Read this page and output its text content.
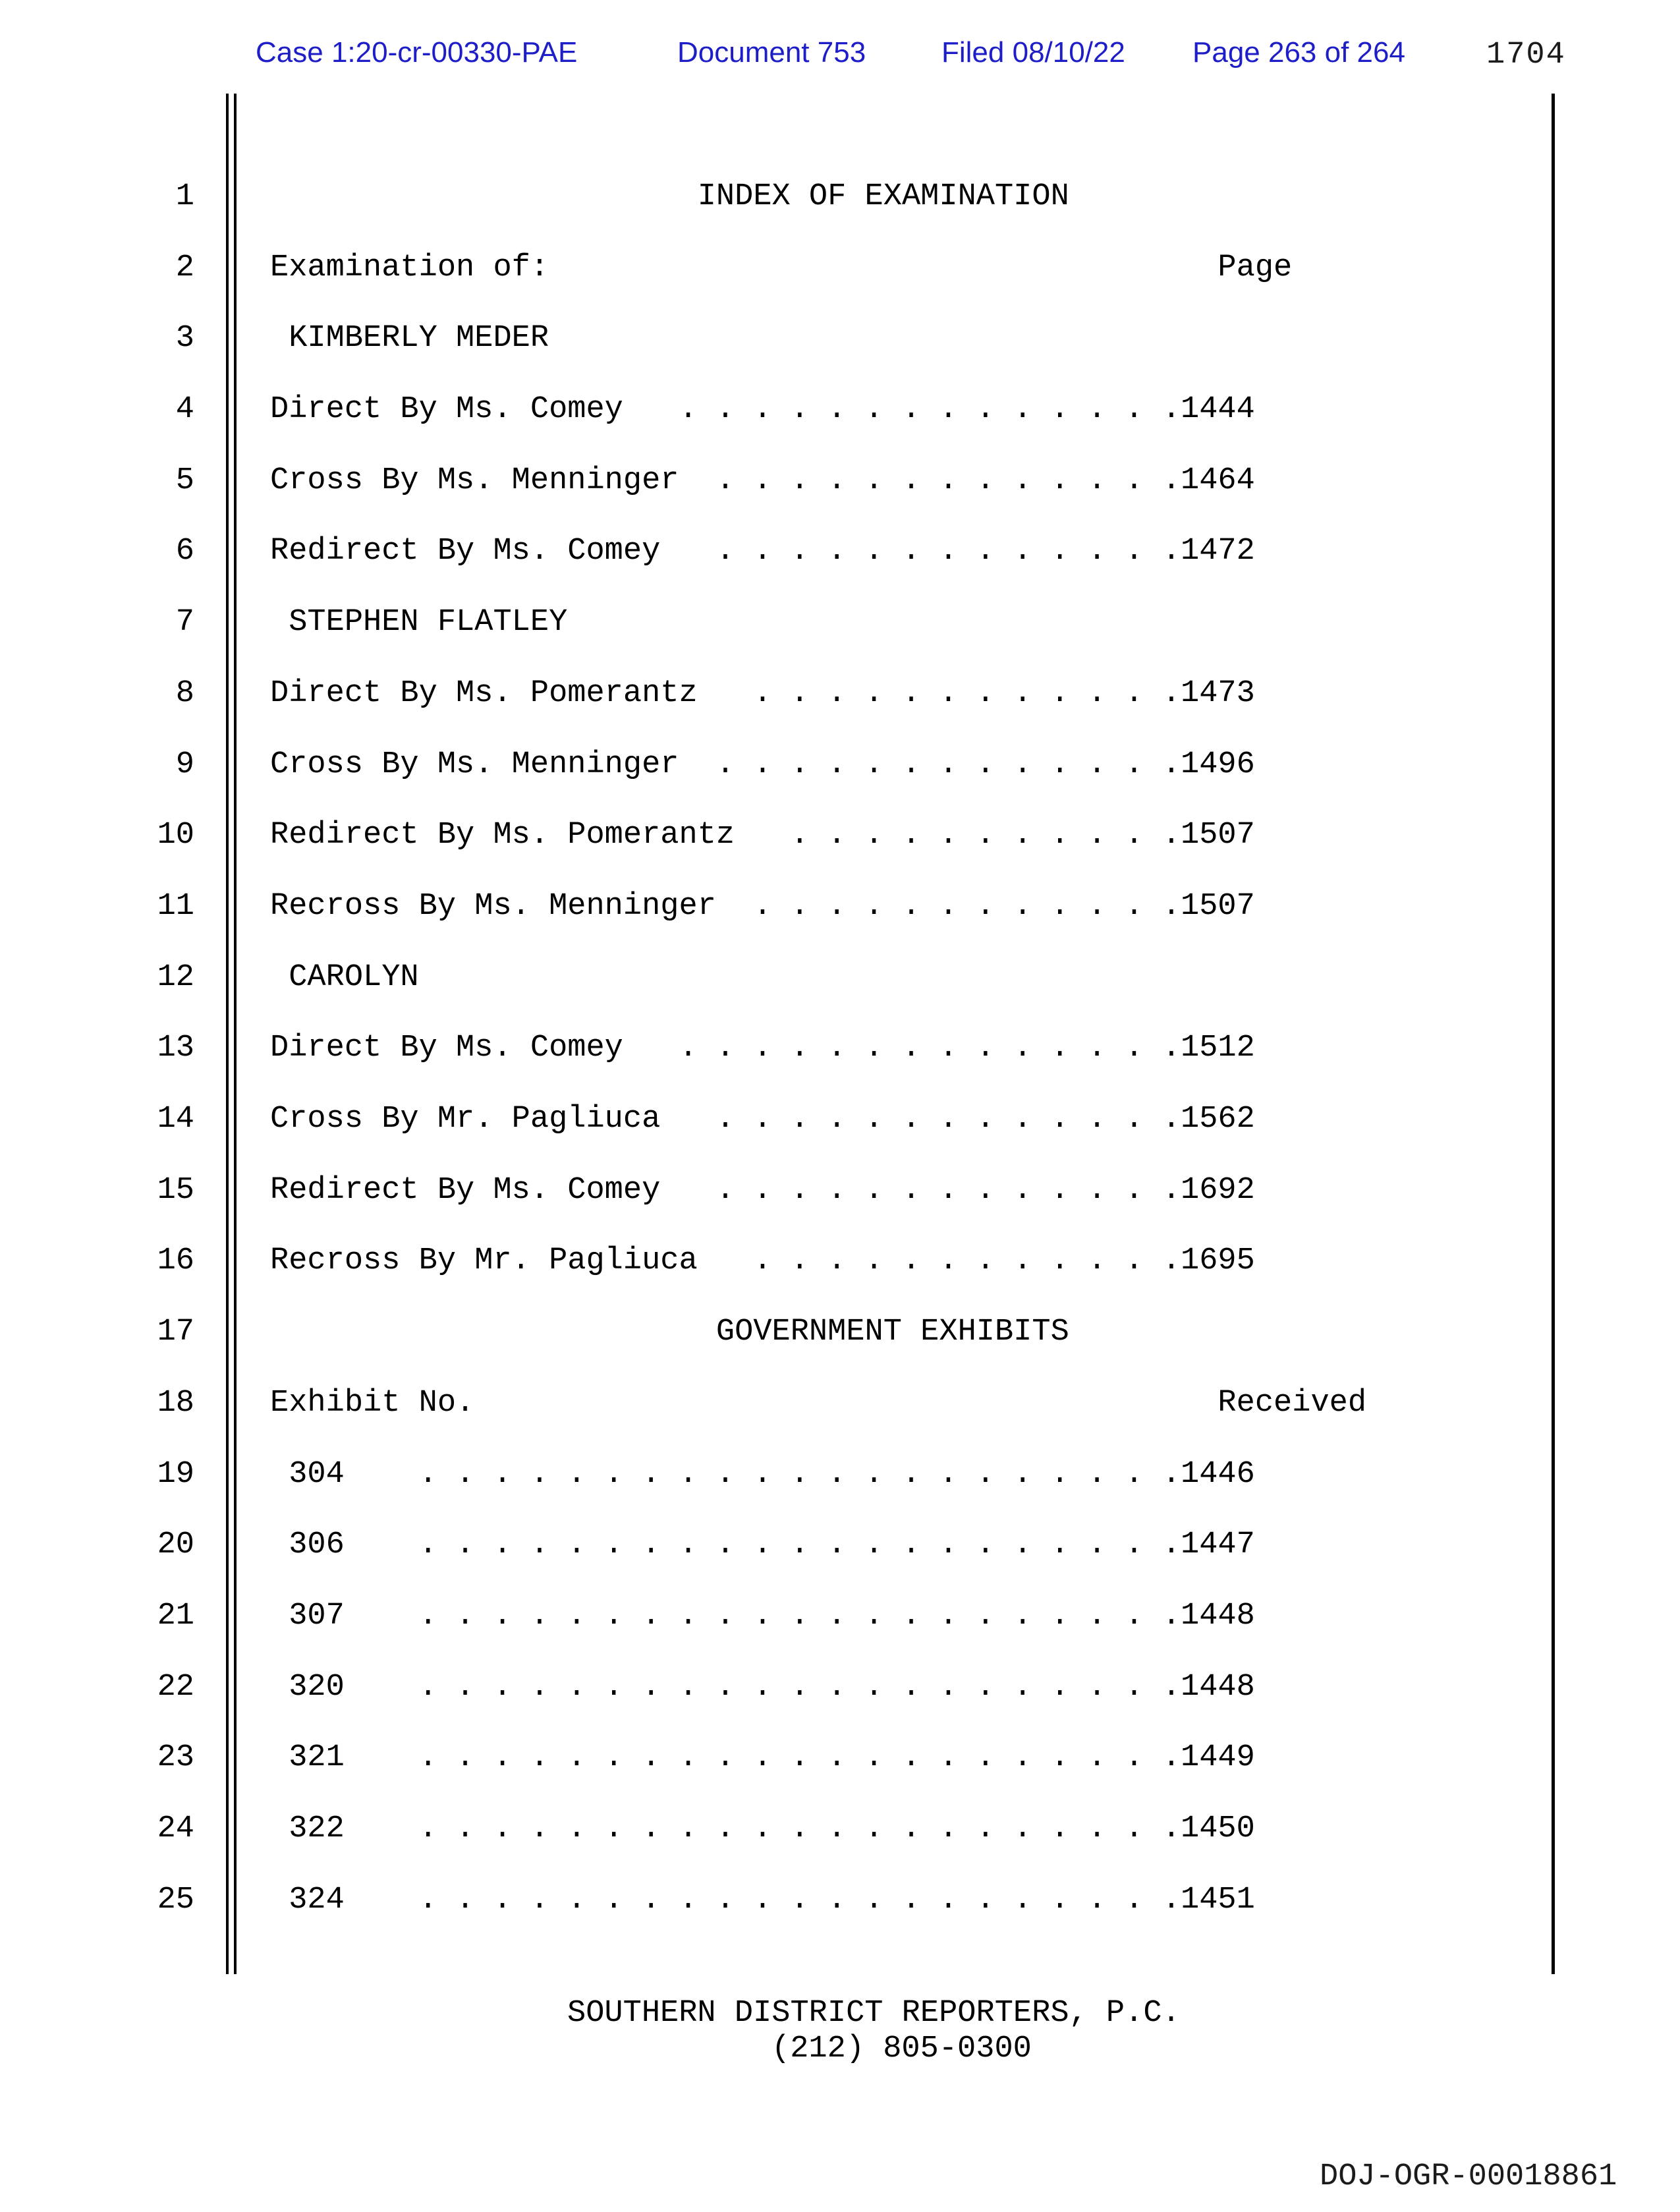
Case 1:20-cr-00330-PAE	Document 753	Filed 08/10/22 Page 263 of 264	1704
1 INDEX OF EXAMINATION
2 Examination of:                                    Page
3 KIMBERLY MEDER
4 Direct By Ms. Comey   . . . . . . . . . . . . . .1444
5 Cross By Ms. Menninger  . . . . . . . . . . . . .1464
6 Redirect By Ms. Comey   . . . . . . . . . . . . .1472
7 STEPHEN FLATLEY
8 Direct By Ms. Pomerantz   . . . . . . . . . . . .1473
9 Cross By Ms. Menninger  . . . . . . . . . . . . .1496
10 Redirect By Ms. Pomerantz   . . . . . . . . . . .1507
11 Recross By Ms. Menninger  . . . . . . . . . . . .1507
12 CAROLYN
13 Direct By Ms. Comey   . . . . . . . . . . . . . .1512
14 Cross By Mr. Pagliuca   . . . . . . . . . . . . .1562
15 Redirect By Ms. Comey   . . . . . . . . . . . . .1692
16 Recross By Mr. Pagliuca   . . . . . . . . . . . .1695
17 GOVERNMENT EXHIBITS
18 Exhibit No.                                        Received
19 304    . . . . . . . . . . . . . . . . . . . . .1446
20 306    . . . . . . . . . . . . . . . . . . . . .1447
21 307    . . . . . . . . . . . . . . . . . . . . .1448
22 320    . . . . . . . . . . . . . . . . . . . . .1448
23 321    . . . . . . . . . . . . . . . . . . . . .1449
24 322    . . . . . . . . . . . . . . . . . . . . .1450
25 324    . . . . . . . . . . . . . . . . . . . . .1451
SOUTHERN DISTRICT REPORTERS, P.C.
(212) 805-0300
DOJ-OGR-00018861
